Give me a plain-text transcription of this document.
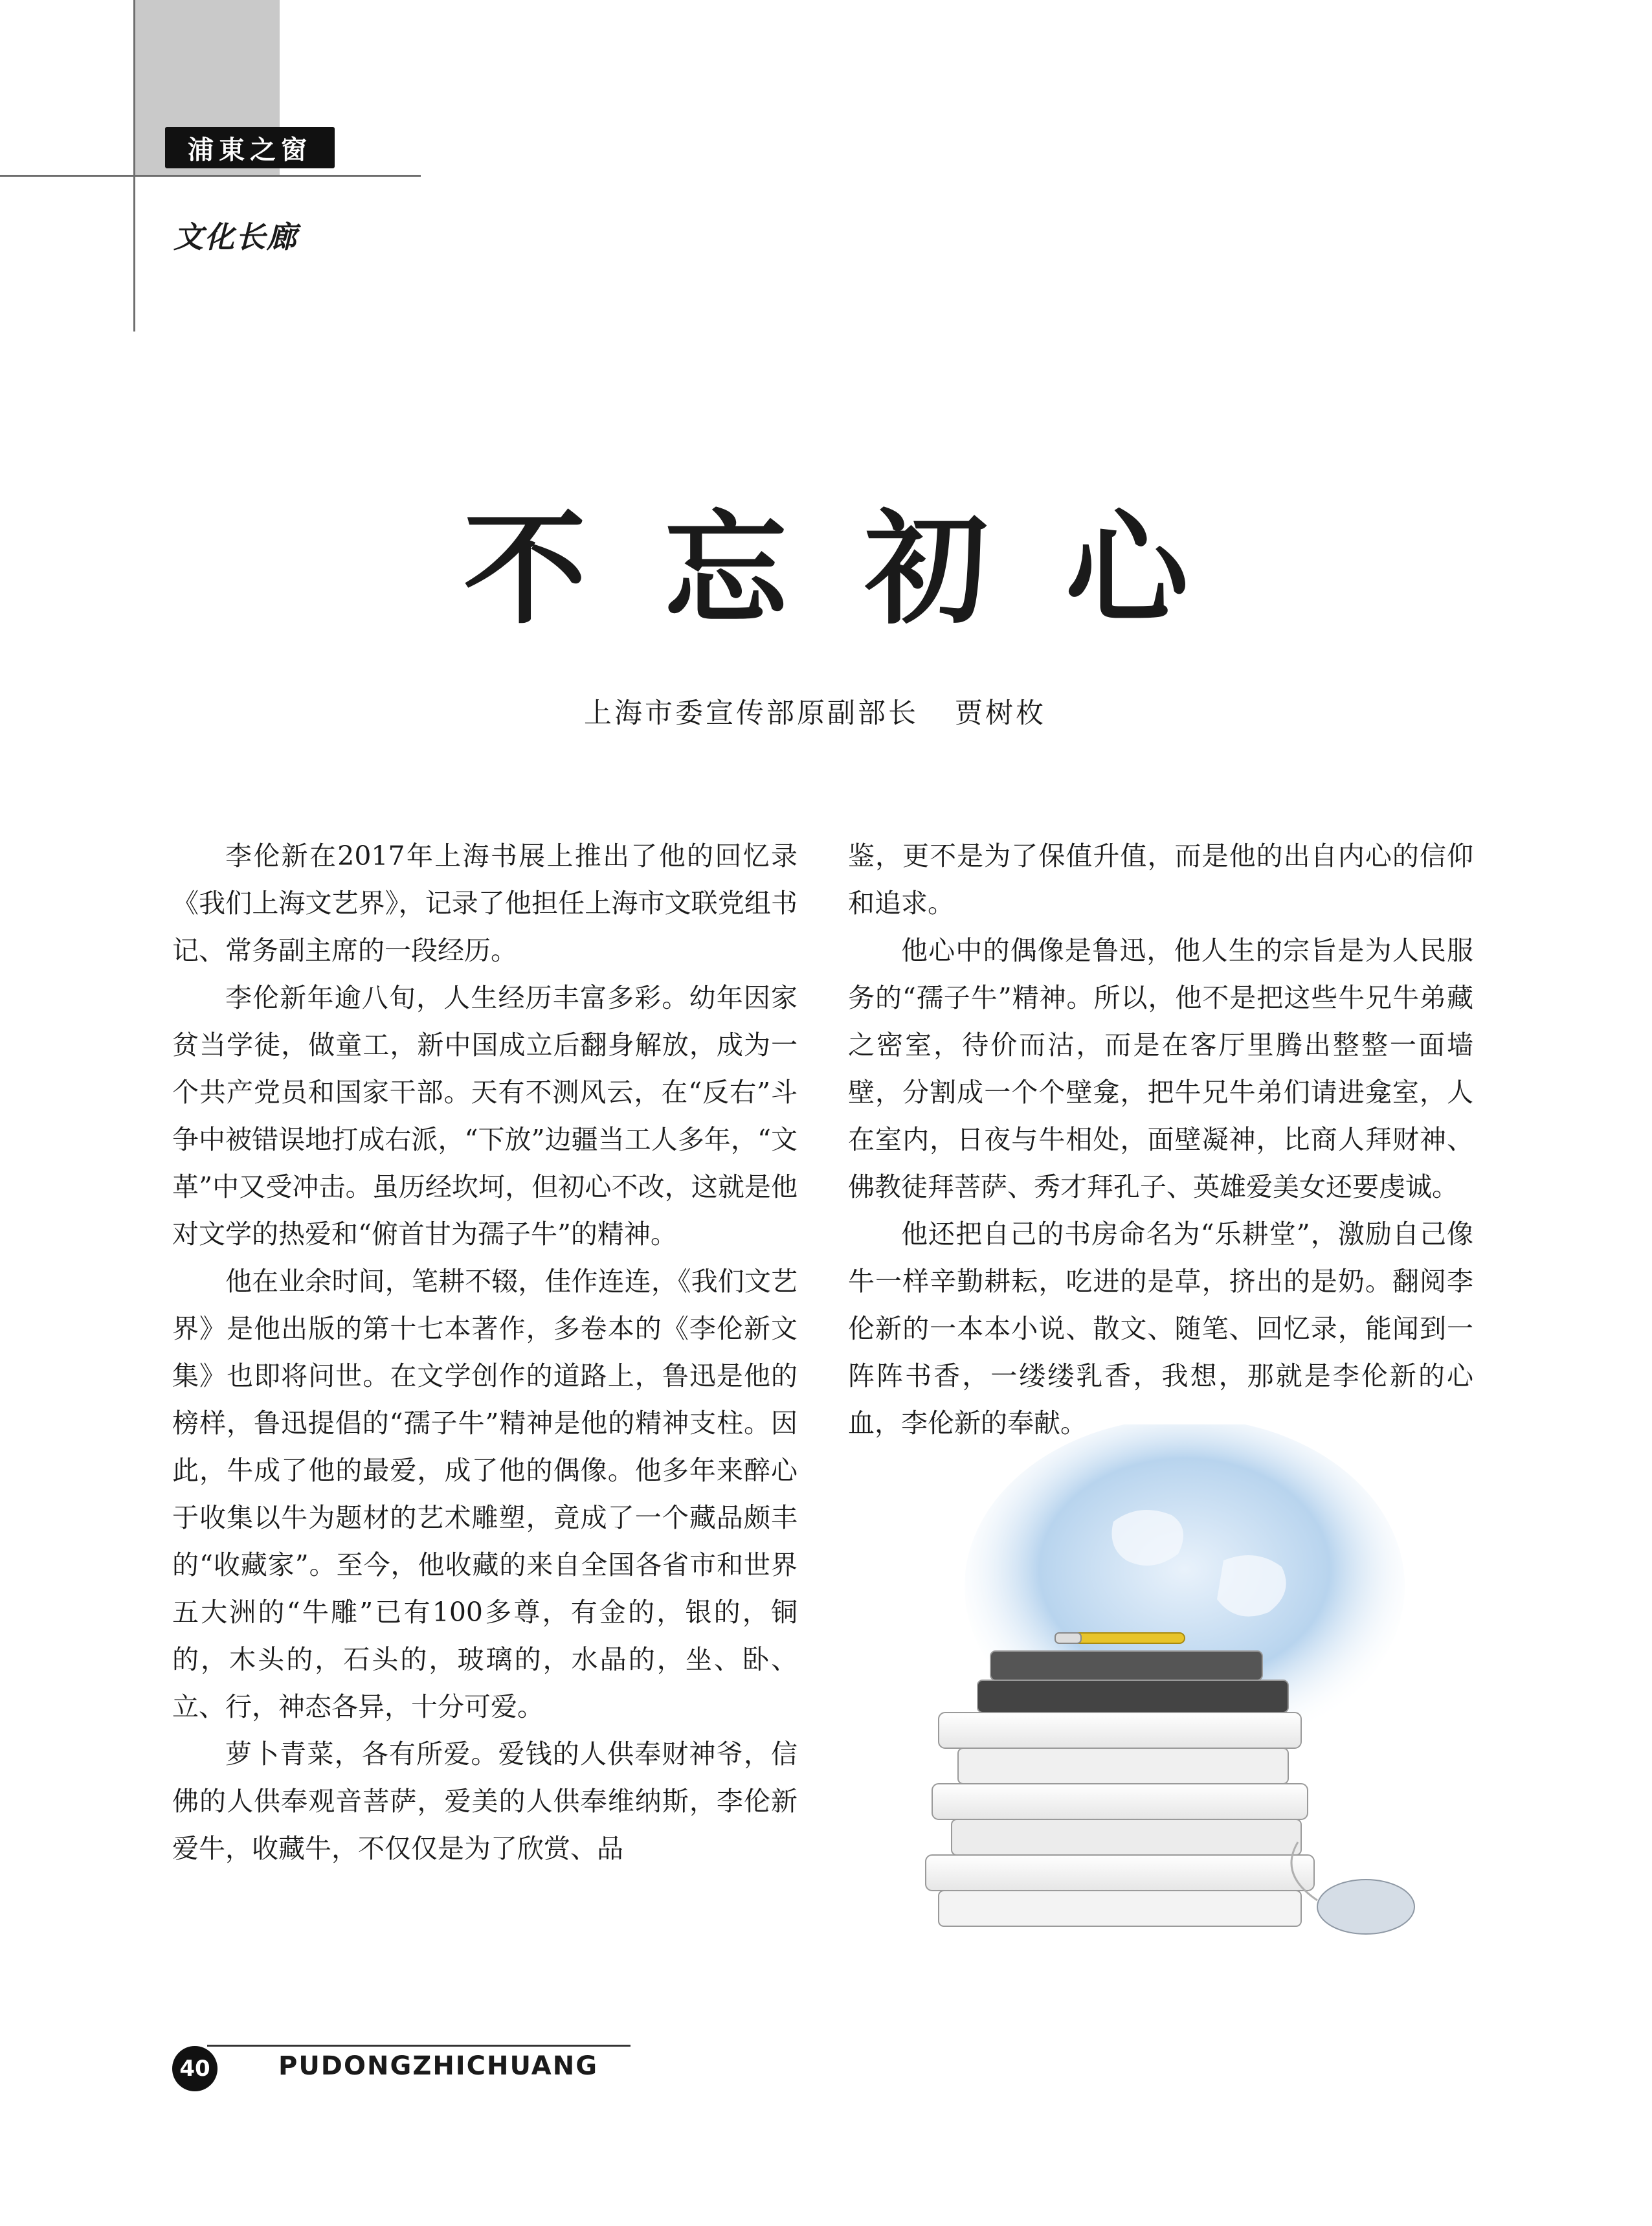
浦東之窗
文化长廊
不忘初心
上海市委宣传部原副部长 贾树枚

李伦新在2017年上海书展上推出了他的回忆录《我们上海文艺界》，记录了他担任上海市文联党组书记、常务副主席的一段经历。

李伦新年逾八旬，人生经历丰富多彩。幼年因家贫当学徒，做童工，新中国成立后翻身解放，成为一个共产党员和国家干部。天有不测风云，在“反右”斗争中被错误地打成右派，“下放”边疆当工人多年，“文革”中又受冲击。虽历经坎坷，但初心不改，这就是他对文学的热爱和“俯首甘为孺子牛”的精神。

他在业余时间，笔耕不辍，佳作连连，《我们文艺界》是他出版的第十七本著作，多卷本的《李伦新文集》也即将问世。在文学创作的道路上，鲁迅是他的榜样，鲁迅提倡的“孺子牛”精神是他的精神支柱。因此，牛成了他的最爱，成了他的偶像。他多年来醉心于收集以牛为题材的艺术雕塑，竟成了一个藏品颇丰的“收藏家”。至今，他收藏的来自全国各省市和世界五大洲的“牛雕”已有100多尊，有金的，银的，铜的，木头的，石头的，玻璃的，水晶的，坐、卧、立、行，神态各异，十分可爱。

萝卜青菜，各有所爱。爱钱的人供奉财神爷，信佛的人供奉观音菩萨，爱美的人供奉维纳斯，李伦新爱牛，收藏牛，不仅仅是为了欣赏、品

鉴，更不是为了保值升值，而是他的出自内心的信仰和追求。

他心中的偶像是鲁迅，他人生的宗旨是为人民服务的“孺子牛”精神。所以，他不是把这些牛兄牛弟藏之密室，待价而沽，而是在客厅里腾出整整一面墙壁，分割成一个个壁龛，把牛兄牛弟们请进龛室，人在室内，日夜与牛相处，面壁凝神，比商人拜财神、佛教徒拜菩萨、秀才拜孔子、英雄爱美女还要虔诚。

他还把自己的书房命名为“乐耕堂”，激励自己像牛一样辛勤耕耘，吃进的是草，挤出的是奶。翻阅李伦新的一本本小说、散文、随笔、回忆录，能闻到一阵阵书香，一缕缕乳香，我想，那就是李伦新的心血，李伦新的奉献。

40	PUDONGZHICHUANG
